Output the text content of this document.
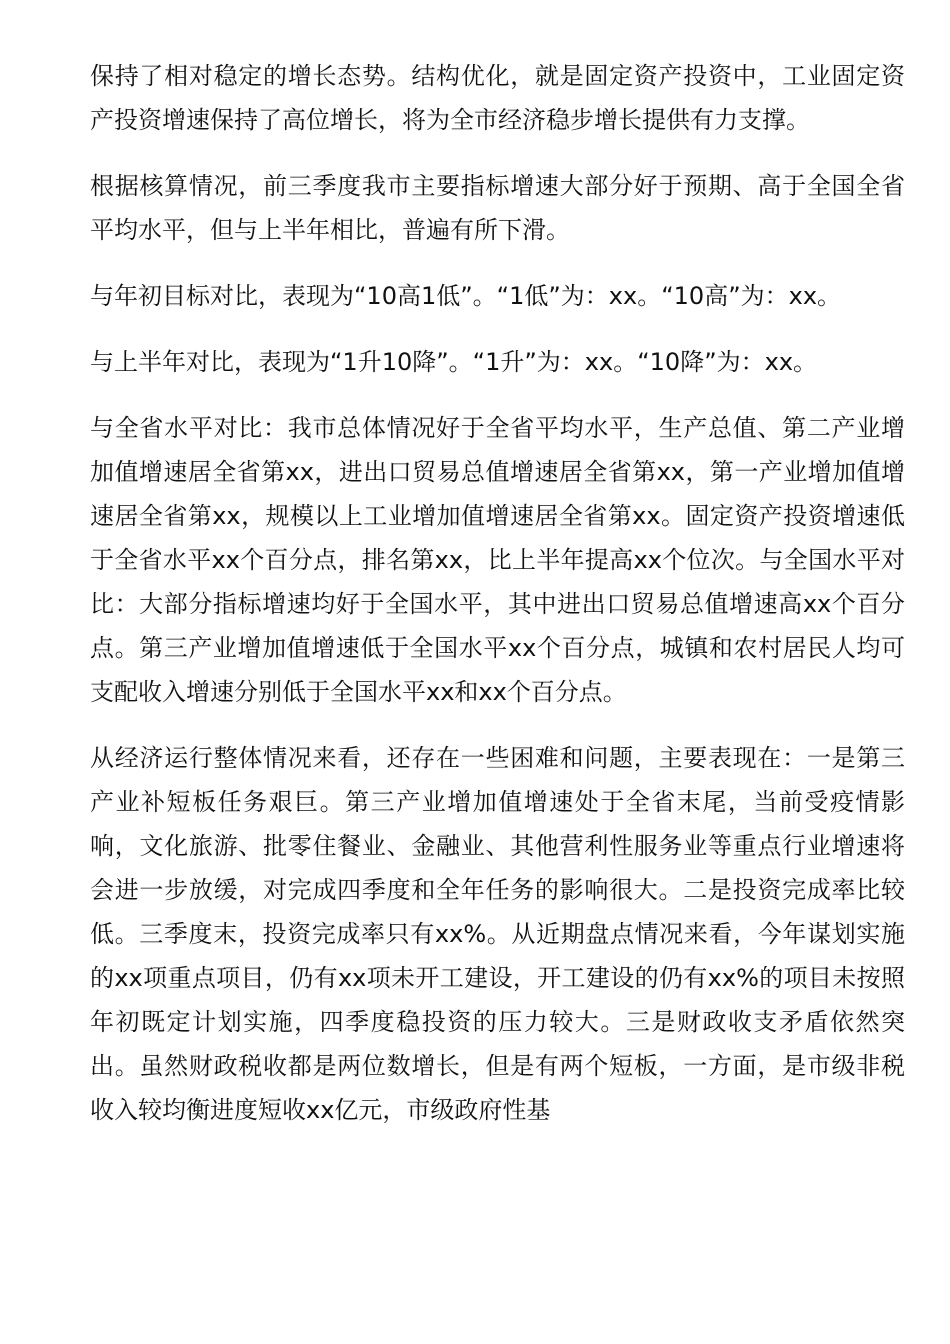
保持了相对稳定的增长态势。结构优化，就是固定资产投资中，工业固定资产投资增速保持了高位增长，将为全市经济稳步增长提供有力支撑。

根据核算情况，前三季度我市主要指标增速大部分好于预期、高于全国全省平均水平，但与上半年相比，普遍有所下滑。

与年初目标对比，表现为“10高1低”。“1低”为：xx。“10高”为：xx。

与上半年对比，表现为“1升10降”。“1升”为：xx。“10降”为：xx。

与全省水平对比：我市总体情况好于全省平均水平，生产总值、第二产业增加值增速居全省第xx，进出口贸易总值增速居全省第xx，第一产业增加值增速居全省第xx，规模以上工业增加值增速居全省第xx。固定资产投资增速低于全省水平xx个百分点，排名第xx，比上半年提高xx个位次。与全国水平对比：大部分指标增速均好于全国水平，其中进出口贸易总值增速高xx个百分点。第三产业增加值增速低于全国水平xx个百分点，城镇和农村居民人均可支配收入增速分别低于全国水平xx和xx个百分点。

从经济运行整体情况来看，还存在一些困难和问题，主要表现在：一是第三产业补短板任务艰巨。第三产业增加值增速处于全省末尾，当前受疫情影响，文化旅游、批零住餐业、金融业、其他营利性服务业等重点行业增速将会进一步放缓，对完成四季度和全年任务的影响很大。二是投资完成率比较低。三季度末，投资完成率只有xx%。从近期盘点情况来看，今年谋划实施的xx项重点项目，仍有xx项未开工建设，开工建设的仍有xx%的项目未按照年初既定计划实施，四季度稳投资的压力较大。三是财政收支矛盾依然突出。虽然财政税收都是两位数增长，但是有两个短板，一方面，是市级非税收入较均衡进度短收xx亿元，市级政府性基
